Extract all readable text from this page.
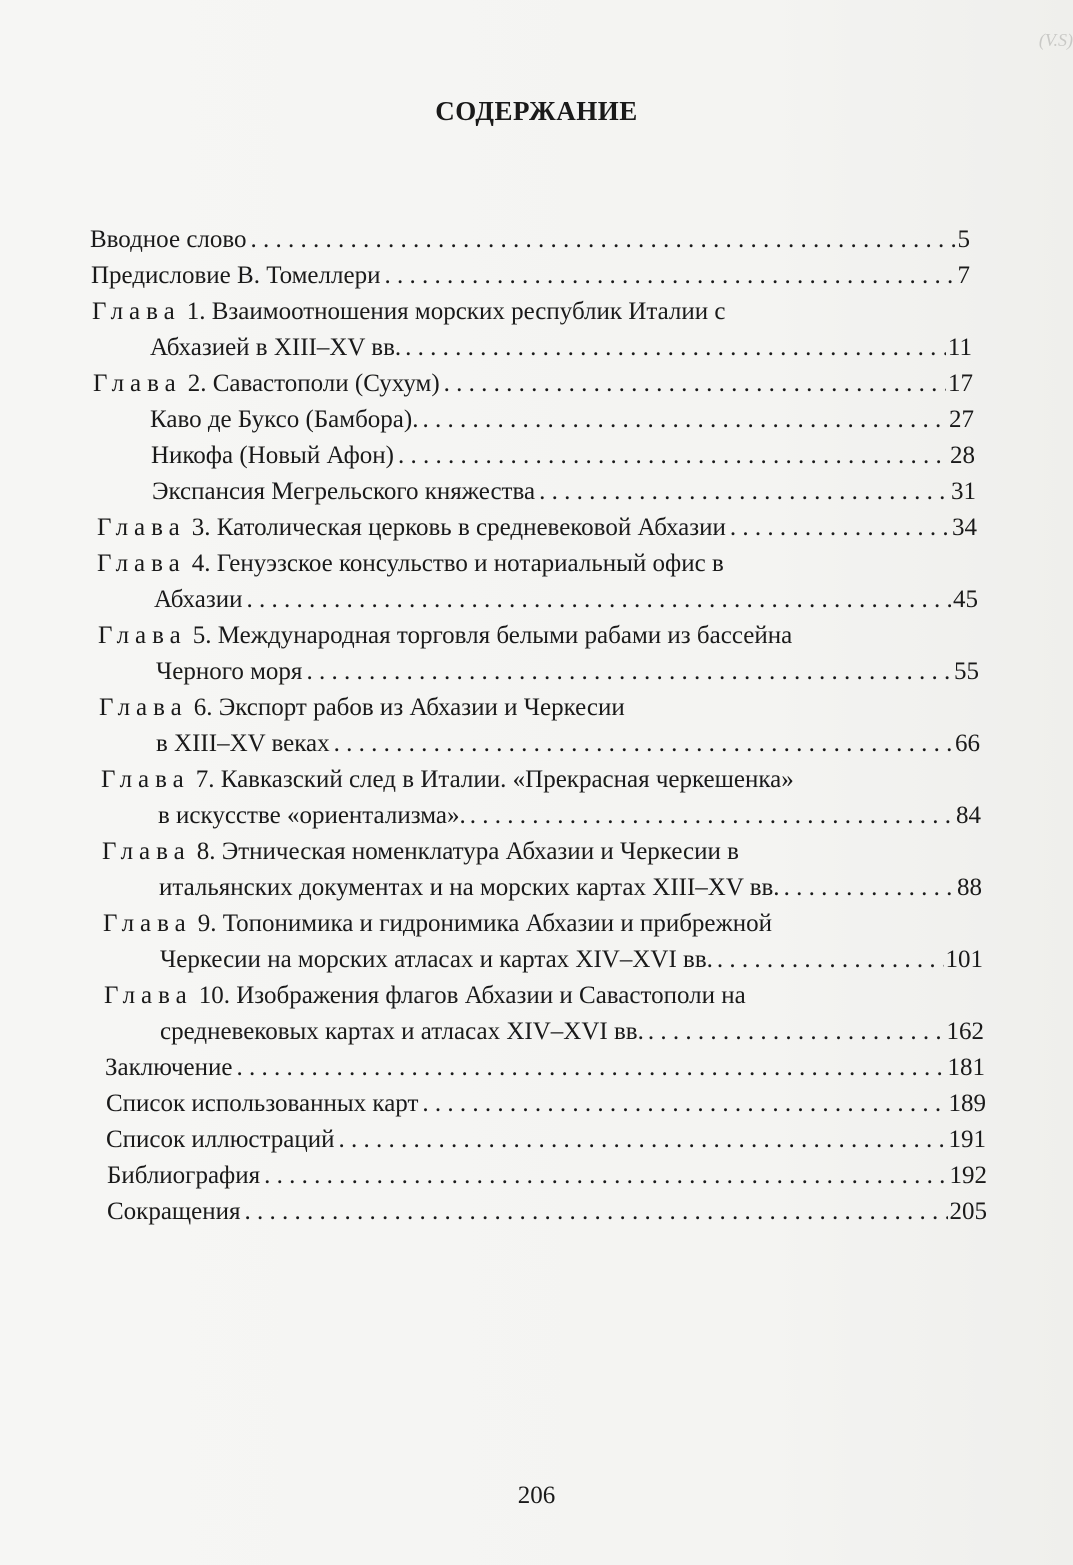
(V.S)
СОДЕРЖАНИЕ
Вводное слово . . .	5
Предисловие В. Томеллери . . .	7
Глава 1. Взаимоотношения морских республик Италии с
Абхазией в XIII–XV вв. . . .	11
Глава 2. Савастополи (Сухум) . . .	17
Каво де Буксо (Бамбора). . . .	27
Никофа (Новый Афон) . . .	28
Экспансия Мегрельского княжества . . .	31
Глава 3. Католическая церковь в средневековой Абхазии . . .	34
Глава 4. Генуэзское консульство и нотариальный офис в
Абхазии . . .	45
Глава 5. Международная торговля белыми рабами из бассейна
Черного моря . . .	55
Глава 6. Экспорт рабов из Абхазии и Черкесии
в XIII–XV веках . . .	66
Глава 7. Кавказский след в Италии. «Прекрасная черкешенка»
в искусстве «ориентализма». . . .	84
Глава 8. Этническая номенклатура Абхазии и Черкесии в
итальянских документах и на морских картах XIII–XV вв. . . .	88
Глава 9. Топонимика и гидронимика Абхазии и прибрежной
Черкесии на морских атласах и картах XIV–XVI вв. . . .	101
Глава 10. Изображения флагов Абхазии и Савастополи на
средневековых картах и атласах XIV–XVI вв. . . .	162
Заключение . . .	181
Список использованных карт . . .	189
Список иллюстраций . . .	191
Библиография . . .	192
Сокращения . . .	205
206
